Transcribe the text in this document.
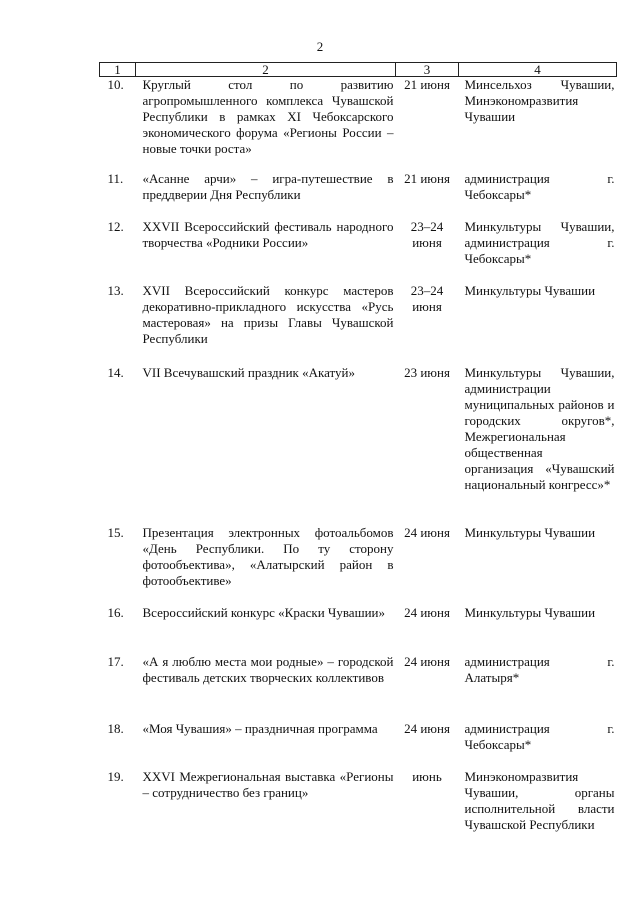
2
1	2	3	4
10.	Круглый стол по развитию агропромышленного комплекса Чувашской Республики в рамках XI Чебоксарского экономического форума «Регионы России – новые точки роста»	21 июня	Минсельхоз Чувашии, Минэкономразвития Чувашии
11.	«Асанне арчи» – игра-путешествие в преддверии Дня Республики	21 июня	администрация г. Чебоксары*
12.	XXVII Всероссийский фестиваль народного творчества «Родники России»	23–24 июня	Минкультуры Чувашии, администрация г. Чебоксары*
13.	XVII Всероссийский конкурс мастеров декоративно-прикладного искусства «Русь мастеровая» на призы Главы Чувашской Республики	23–24 июня	Минкультуры Чувашии
14.	VII Всечувашский праздник «Акатуй»	23 июня	Минкультуры Чувашии, администрации муниципальных районов и городских округов*, Межрегиональная общественная организация «Чувашский национальный конгресс»*
15.	Презентация электронных фотоальбомов «День Республики. По ту сторону фотообъектива», «Алатырский район в фотообъективе»	24 июня	Минкультуры Чувашии
16.	Всероссийский конкурс «Краски Чувашии»	24 июня	Минкультуры Чувашии
17.	«А я люблю места мои родные» – городской фестиваль детских творческих коллективов	24 июня	администрация г. Алатыря*
18.	«Моя Чувашия» – праздничная программа	24 июня	администрация г. Чебоксары*
19.	XXVI Межрегиональная выставка «Регионы – сотрудничество без границ»	июнь	Минэкономразвития Чувашии, органы исполнительной власти Чувашской Республики
